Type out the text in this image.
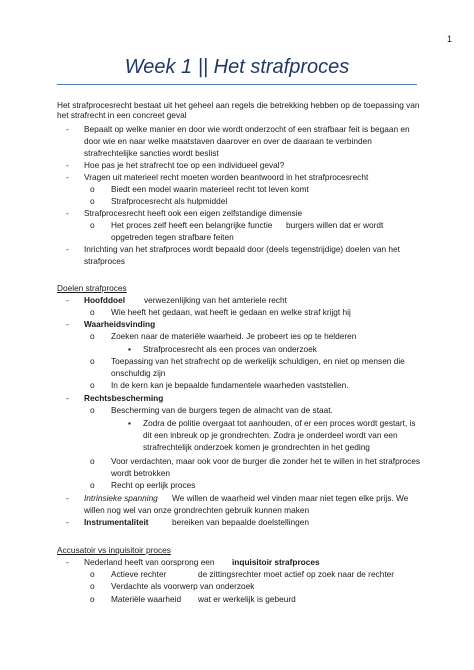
1
Week 1 || Het strafproces
Het strafprocesrecht bestaat uit het geheel aan regels die betrekking hebben op de toepassing van
het strafrecht in een concreet geval
- Bepaalt op welke manier en door wie wordt onderzocht of een strafbaar feit is begaan en
door wie en naar welke maatstaven daarover en over de daaraan te verbinden
strafrechtelijke sancties wordt beslist
- Hoe pas je het strafrecht toe op een individueel geval?
- Vragen uit materieel recht moeten worden beantwoord in het strafprocesrecht
o Biedt een model waarin materieel recht tot leven komt
o Strafprocesrecht als hulpmiddel
- Strafprocesrecht heeft ook een eigen zelfstandige dimensie
o Het proces zelf heeft een belangrijke functie burgers willen dat er wordt
opgetreden tegen strafbare feiten
- Inrichting van het strafproces wordt bepaald door (deels tegenstrijdige) doelen van het
strafproces
Doelen strafproces
- Hoofddoel verwezenlijking van het amteriele recht
o Wie heeft het gedaan, wat heeft ie gedaan en welke straf krijgt hij
- Waarheidsvinding
o Zoeken naar de materiële waarheid. Je probeert ies op te helderen
▪ Strafprocesrecht als een proces van onderzoek
o Toepassing van het strafrecht op de werkelijk schuldigen, en niet op mensen die
onschuldig zijn
o In de kern kan je bepaalde fundamentele waarheden vaststellen.
- Rechtsbescherming
o Bescherming van de burgers tegen de almacht van de staat.
▪ Zodra de politie overgaat tot aanhouden, of er een proces wordt gestart, is
dit een inbreuk op je grondrechten. Zodra je onderdeel wordt van een
strafrechtelijk onderzoek komen je grondrechten in het geding
o Voor verdachten, maar ook voor de burger die zonder het te willen in het strafproces
wordt betrokken
o Recht op eerlijk proces
- Intrinsieke spanning We willen de waarheid wel vinden maar niet tegen elke prijs. We
willen nog wel van onze grondrechten gebruik kunnen maken
- Instrumentaliteit	bereiken van bepaalde doelstellingen
Accusatoir vs inquisitoir proces
- Nederland heeft van oorsprong een inquisitoir strafproces
o Actieve rechter	de zittingsrechter moet actief op zoek naar de rechter
o Verdachte als voorwerp van onderzoek
o Materiële waarheid wat er werkelijk is gebeurd
